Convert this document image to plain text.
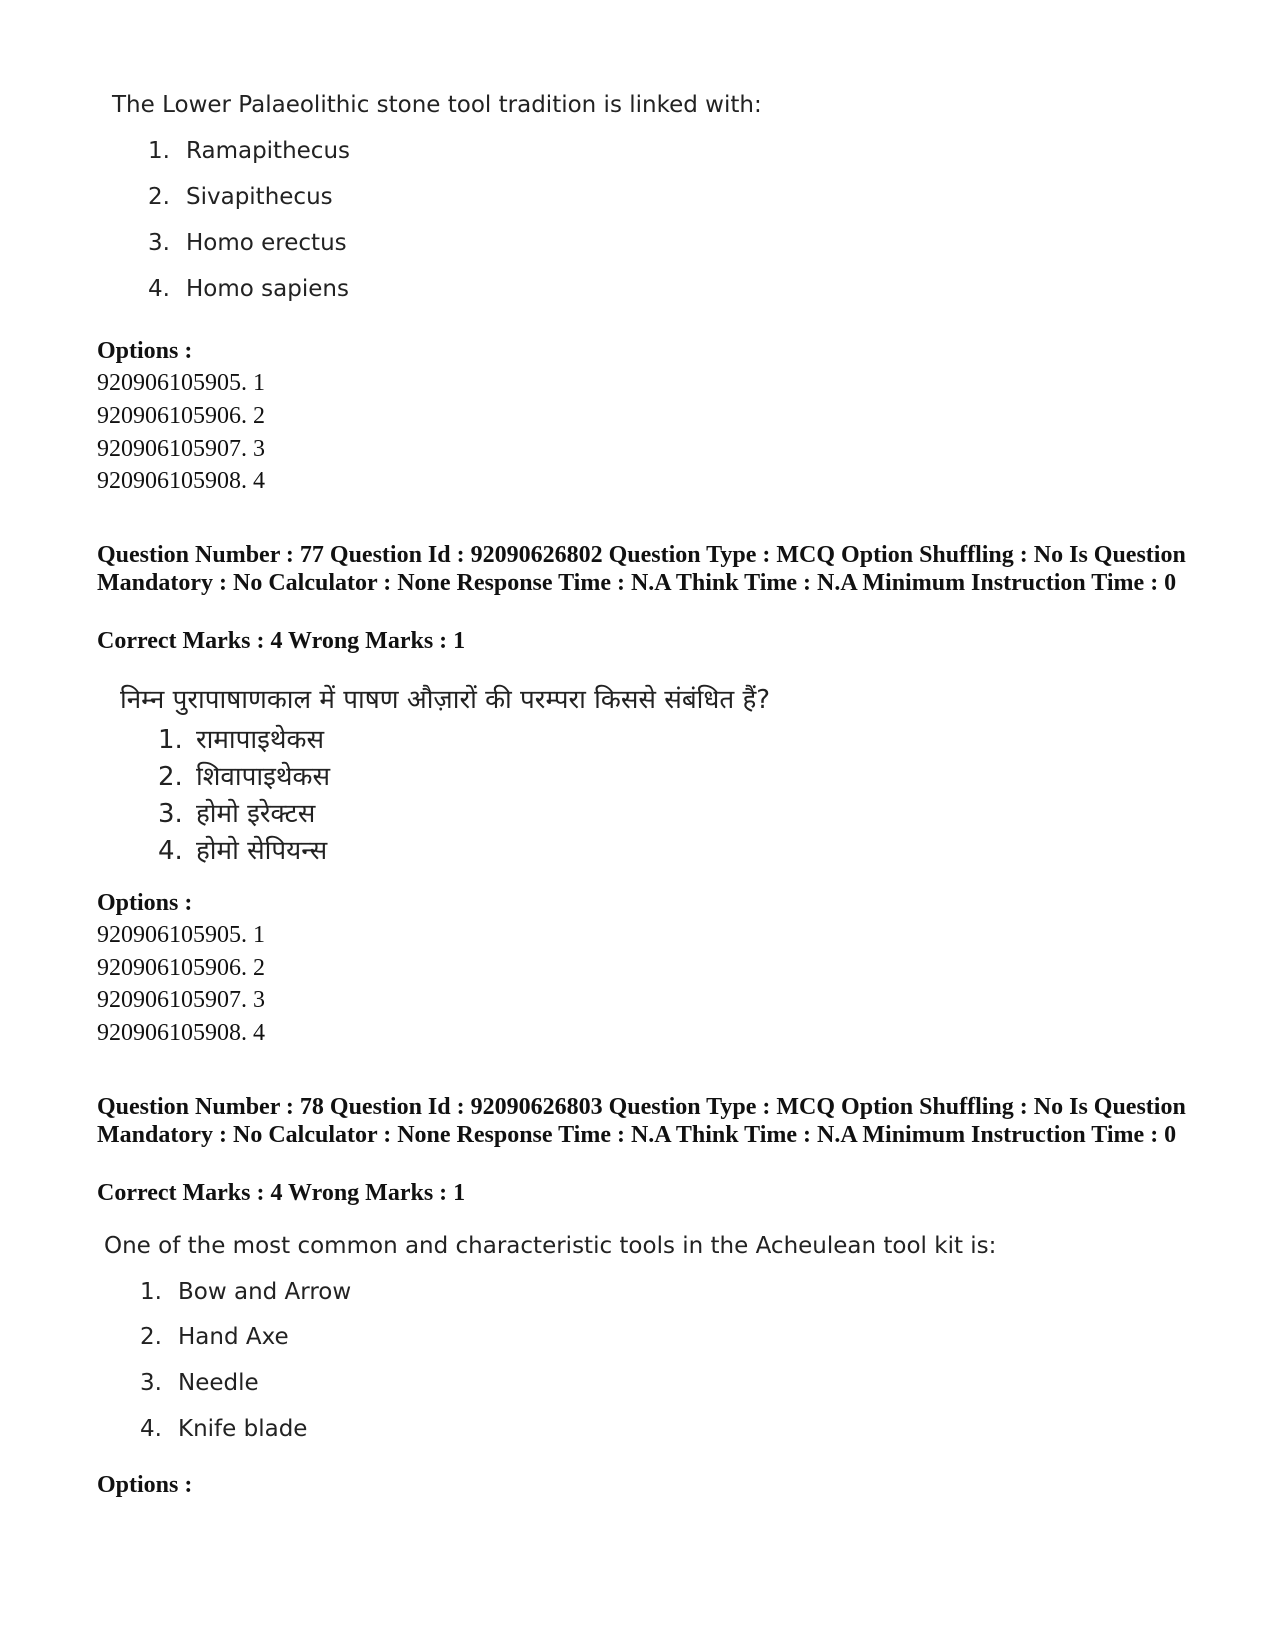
The Lower Palaeolithic stone tool tradition is linked with:
1. Ramapithecus
2. Sivapithecus
3. Homo erectus
4. Homo sapiens
Options :
920906105905. 1
920906105906. 2
920906105907. 3
920906105908. 4
Question Number : 77 Question Id : 92090626802 Question Type : MCQ Option Shuffling : No Is Question Mandatory : No Calculator : None Response Time : N.A Think Time : N.A Minimum Instruction Time : 0
Correct Marks : 4 Wrong Marks : 1
निम्न पुरापाषाणकाल में पाषण औज़ारों की परम्परा किससे संबंधित हैं?
1. रामापाइथेकस
2. शिवापाइथेकस
3. होमो इरेक्टस
4. होमो सेपियन्स
Options :
920906105905. 1
920906105906. 2
920906105907. 3
920906105908. 4
Question Number : 78 Question Id : 92090626803 Question Type : MCQ Option Shuffling : No Is Question Mandatory : No Calculator : None Response Time : N.A Think Time : N.A Minimum Instruction Time : 0
Correct Marks : 4 Wrong Marks : 1
One of the most common and characteristic tools in the Acheulean tool kit is:
1. Bow and Arrow
2. Hand Axe
3. Needle
4. Knife blade
Options :
